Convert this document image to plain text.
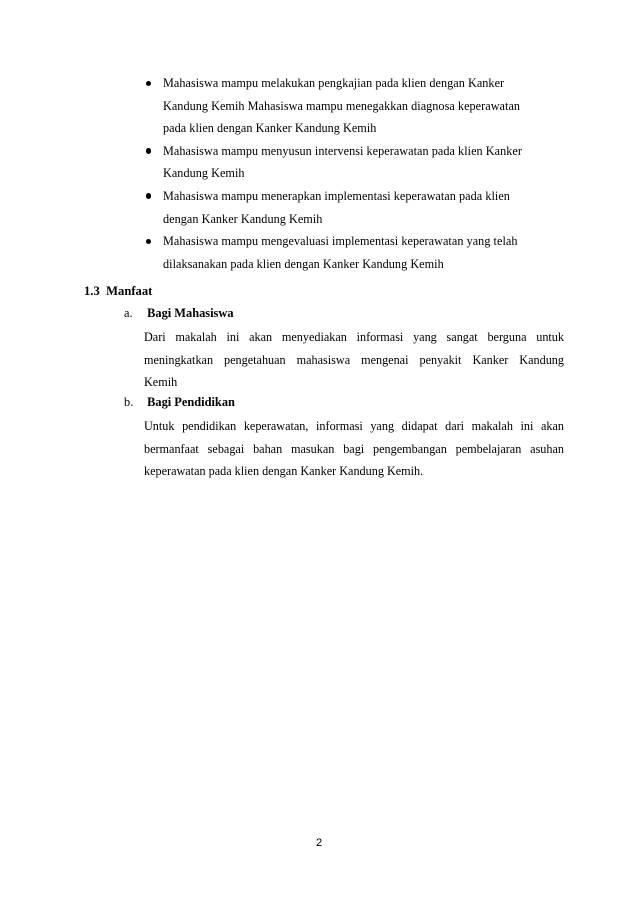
Mahasiswa mampu melakukan pengkajian pada klien dengan Kanker
Kandung Kemih Mahasiswa mampu menegakkan diagnosa keperawatan
pada klien dengan Kanker Kandung Kemih
Mahasiswa mampu menyusun intervensi keperawatan pada klien Kanker
Kandung Kemih
Mahasiswa mampu menerapkan implementasi keperawatan pada klien
dengan Kanker Kandung Kemih
Mahasiswa mampu mengevaluasi implementasi keperawatan yang telah
dilaksanakan pada klien dengan Kanker Kandung Kemih
1.3 Manfaat
a. Bagi Mahasiswa
Dari makalah ini akan menyediakan informasi yang sangat berguna untuk
meningkatkan pengetahuan mahasiswa mengenai penyakit Kanker Kandung
Kemih
b. Bagi Pendidikan
Untuk pendidikan keperawatan, informasi yang didapat dari makalah ini akan
bermanfaat sebagai bahan masukan bagi pengembangan pembelajaran asuhan
keperawatan pada klien dengan Kanker Kandung Kemih.
2
